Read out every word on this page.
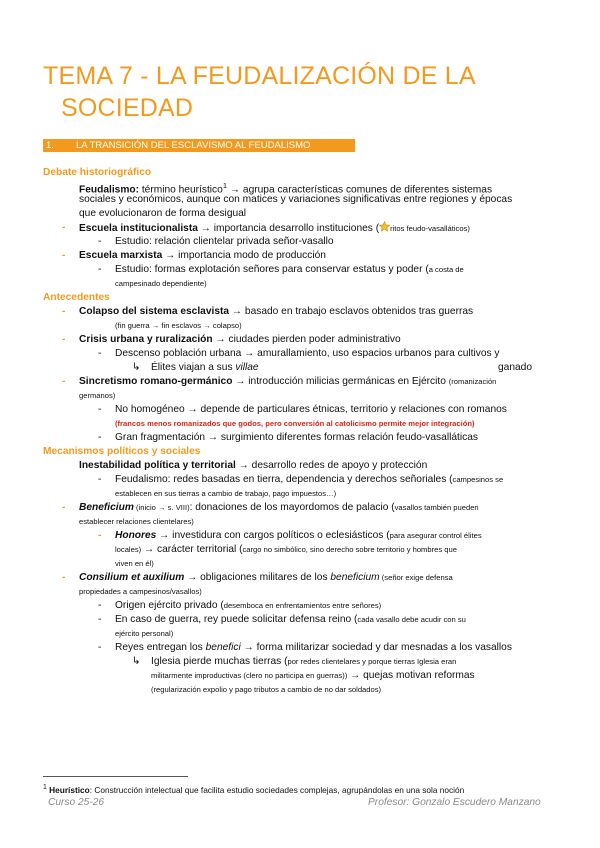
TEMA 7 - LA FEUDALIZACIÓN DE LA
SOCIEDAD
1. LA TRANSICIÓN DEL ESCLAVISMO AL FEUDALISMO
Debate historiográfico
Feudalismo: término heurístico$^1$ → agrupa características comunes de diferentes sistemas
sociales y económicos, aunque con matices y variaciones significativas entre regiones y épocas
que evolucionaron de forma desigual
- Escuela institucionalista → importancia desarrollo instituciones ( ritos feudo-vasalláticos)
- Estudio: relación clientelar privada señor-vasallo
- Escuela marxista → importancia modo de producción
- Estudio: formas explotación señores para conservar estatus y poder (a costa de
campesinado dependiente)
Antecedentes
- Colapso del sistema esclavista → basado en trabajo esclavos obtenidos tras guerras
(fin guerra → fin esclavos → colapso)
- Crisis urbana y ruralización → ciudades pierden poder administrativo
- Descenso población urbana → amurallamiento, uso espacios urbanos para cultivos y
↳ Élites viajan a sus villae	ganado
- Sincretismo romano-germánico → introducción milicias germánicas en Ejército (romanización
germanos)
- No homogéneo → depende de particulares étnicas, territorio y relaciones con romanos
(francos menos romanizados que godos, pero conversión al catolicismo permite mejor integración)
- Gran fragmentación → surgimiento diferentes formas relación feudo-vasalláticas
Mecanismos políticos y sociales
Inestabilidad política y territorial → desarrollo redes de apoyo y protección
- Feudalismo: redes basadas en tierra, dependencia y derechos señoriales (campesinos se
establecen en sus tierras a cambio de trabajo, pago impuestos…)
- Beneficium (inicio → s. VIII): donaciones de los mayordomos de palacio (vasallos también pueden
establecer relaciones clientelares)
- Honores → investidura con cargos políticos o eclesiásticos (para asegurar control élites
locales) → carácter territorial (cargo no simbólico, sino derecho sobre territorio y hombres que
viven en él)
- Consilium et auxilium → obligaciones militares de los beneficium (señor exige defensa
propiedades a campesinos/vasallos)
- Origen ejército privado (desemboca en enfrentamientos entre señores)
- En caso de guerra, rey puede solicitar defensa reino (cada vasallo debe acudir con su
ejército personal)
- Reyes entregan los benefici → forma militarizar sociedad y dar mesnadas a los vasallos
↳ Iglesia pierde muchas tierras (por redes clientelares y porque tierras Iglesia eran
militarmente improductivas (clero no participa en guerras)) → quejas motivan reformas
(regularización expolio y pago tributos a cambio de no dar soldados)
$^1$ Heurístico: Construcción intelectual que facilita estudio sociedades complejas, agrupándolas en una sola noción
Curso 25-26	Profesor: Gonzalo Escudero Manzano
